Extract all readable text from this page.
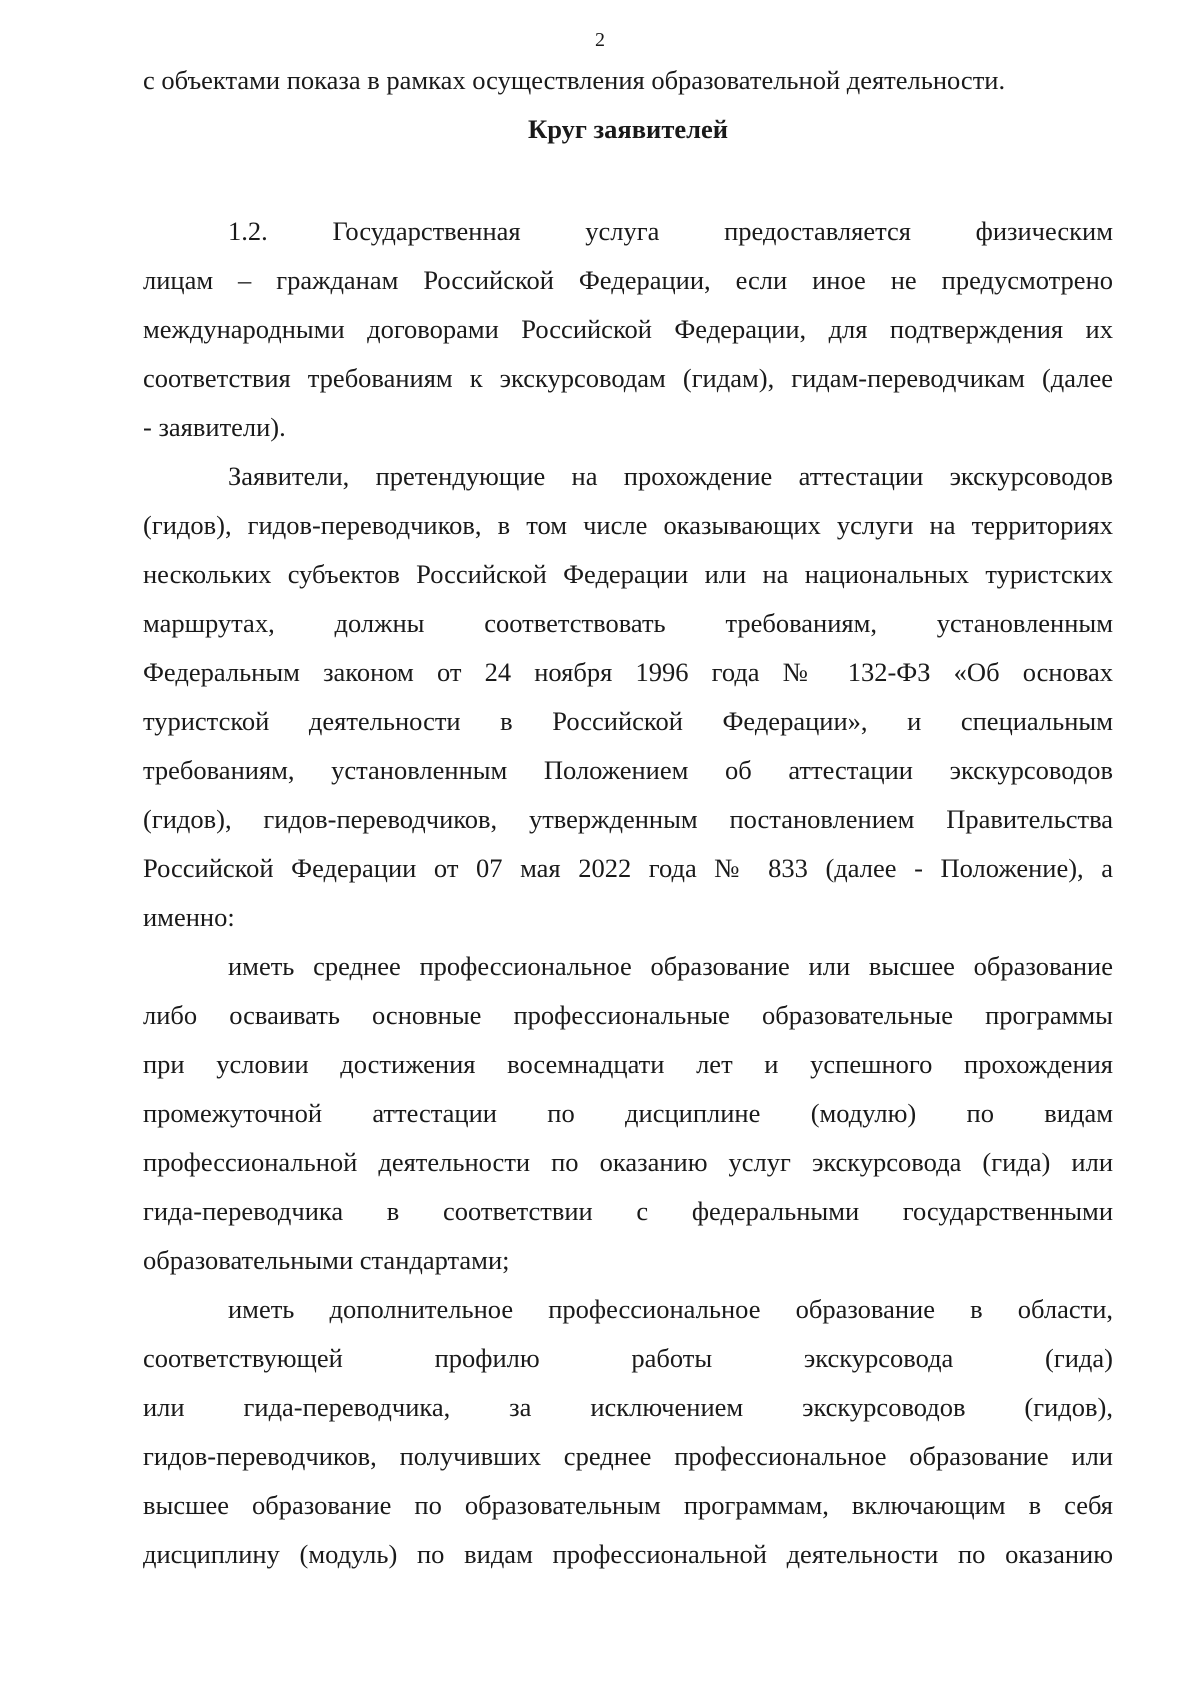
2

с объектами показа в рамках осуществления образовательной деятельности.

Круг заявителей

1.2. Государственная услуга предоставляется физическим

лицам – гражданам Российской Федерации, если иное не предусмотрено

международными договорами Российской Федерации, для подтверждения их

соответствия требованиям к экскурсоводам (гидам), гидам-переводчикам (далее

- заявители).

Заявители, претендующие на прохождение аттестации экскурсоводов

(гидов), гидов-переводчиков, в том числе оказывающих услуги на территориях

нескольких субъектов Российской Федерации или на национальных туристских

маршрутах, должны соответствовать требованиям, установленным

Федеральным законом от 24 ноября 1996 года № 132-ФЗ «Об основах

туристской деятельности в Российской Федерации», и специальным

требованиям, установленным Положением об аттестации экскурсоводов

(гидов), гидов-переводчиков, утвержденным постановлением Правительства

Российской Федерации от 07 мая 2022 года № 833 (далее - Положение), а

именно:

иметь среднее профессиональное образование или высшее образование

либо осваивать основные профессиональные образовательные программы

при условии достижения восемнадцати лет и успешного прохождения

промежуточной аттестации по дисциплине (модулю) по видам

профессиональной деятельности по оказанию услуг экскурсовода (гида) или

гида-переводчика в соответствии с федеральными государственными

образовательными стандартами;

иметь дополнительное профессиональное образование в области,

соответствующей профилю работы экскурсовода (гида)

или гида-переводчика, за исключением экскурсоводов (гидов),

гидов-переводчиков, получивших среднее профессиональное образование или

высшее образование по образовательным программам, включающим в себя

дисциплину (модуль) по видам профессиональной деятельности по оказанию
